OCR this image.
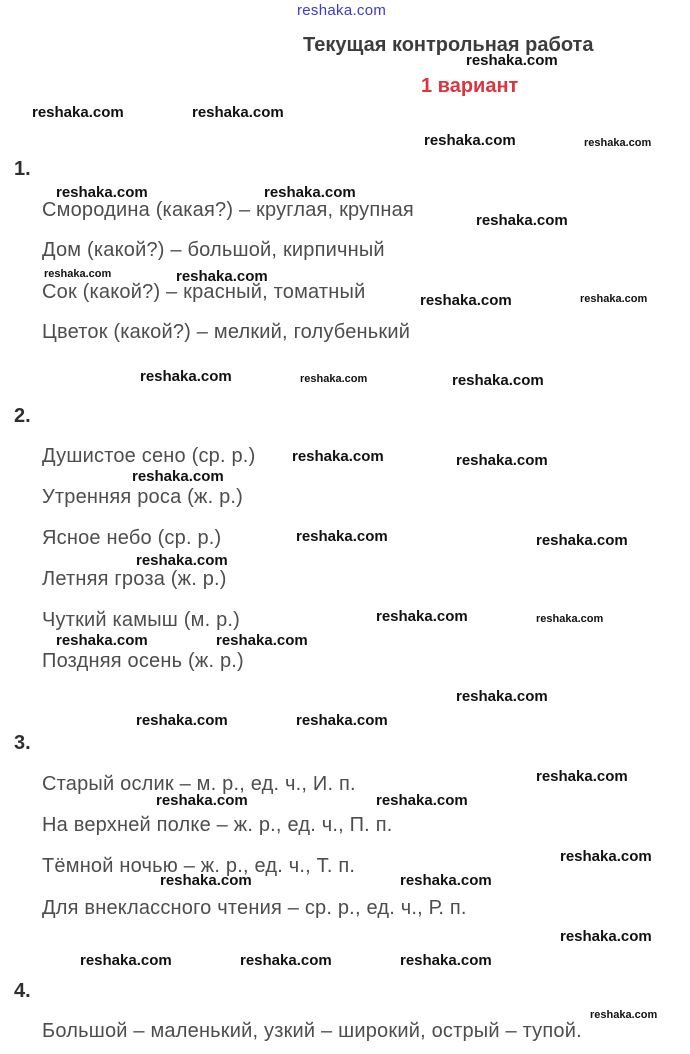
reshaka.com
Текущая контрольная работа
1 вариант
1.
Смородина (какая?) – круглая, крупная
Дом (какой?) – большой, кирпичный
Сок (какой?) – красный, томатный
Цветок (какой?) – мелкий, голубенький
2.
Душистое сено (ср. р.)
Утренняя роса (ж. р.)
Ясное небо (ср. р.)
Летняя гроза (ж. р.)
Чуткий камыш (м. р.)
Поздняя осень (ж. р.)
3.
Старый ослик – м. р., ед. ч., И. п.
На верхней полке – ж. р., ед. ч., П. п.
Тёмной ночью – ж. р., ед. ч., Т. п.
Для внеклассного чтения – ср. р., ед. ч., Р. п.
4.
Большой – маленький, узкий – широкий, острый – тупой.
reshaka.com
reshaka.com	reshaka.com
reshaka.com	reshaka.com
reshaka.com	reshaka.com
reshaka.com
reshaka.com	reshaka.com
reshaka.com	reshaka.com
reshaka.com	reshaka.com	reshaka.com
reshaka.com	reshaka.com
reshaka.com
reshaka.com	reshaka.com
reshaka.com
reshaka.com	reshaka.com
reshaka.com	reshaka.com
reshaka.com
reshaka.com	reshaka.com
reshaka.com
reshaka.com	reshaka.com
reshaka.com
reshaka.com	reshaka.com
reshaka.com
reshaka.com	reshaka.com	reshaka.com
reshaka.com
